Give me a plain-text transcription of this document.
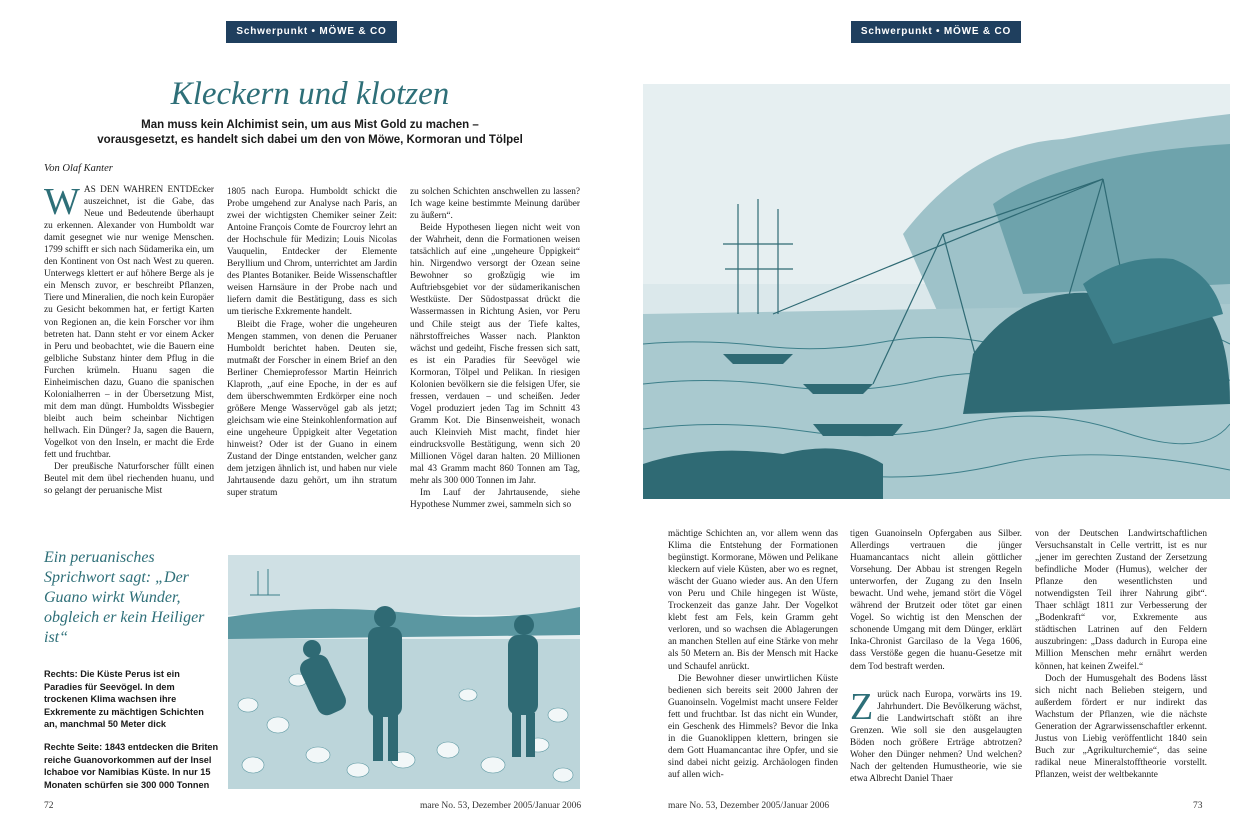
Schwerpunkt • MÖWE & CO
Kleckern und klotzen
Man muss kein Alchimist sein, um aus Mist Gold zu machen –
vorausgesetzt, es handelt sich dabei um den von Möwe, Kormoran und Tölpel
Von Olaf Kanter

WAS DEN WAHREN ENTDEcker auszeichnet, ist die Gabe, das Neue und Bedeutende überhaupt zu erkennen. Alexander von Humboldt war damit gesegnet wie nur wenige Menschen. 1799 schifft er sich nach Südamerika ein, um den Kontinent von Ost nach West zu queren. Unterwegs klettert er auf höhere Berge als je ein Mensch zuvor, er beschreibt Pflanzen, Tiere und Mineralien, die noch kein Europäer zu Gesicht bekommen hat, er fertigt Karten von Regionen an, die kein Forscher vor ihm betreten hat. Dann steht er vor einem Acker in Peru und beobachtet, wie die Bauern eine gelbliche Substanz hinter dem Pflug in die Furchen krümeln. Huanu sagen die Einheimischen dazu, Guano die spanischen Kolonialherren – in der Übersetzung Mist, mit dem man düngt. Humboldts Wissbegier bleibt auch beim scheinbar Nichtigen hellwach. Ein Dünger? Ja, sagen die Bauern, Vogelkot von den Inseln, er macht die Erde fett und fruchtbar.

Der preußische Naturforscher füllt einen Beutel mit dem übel riechenden huanu, und so gelangt der peruanische Mist

1805 nach Europa. Humboldt schickt die Probe umgehend zur Analyse nach Paris, an zwei der wichtigsten Chemiker seiner Zeit: Antoine François Comte de Fourcroy lehrt an der Hochschule für Medizin; Louis Nicolas Vauquelin, Entdecker der Elemente Beryllium und Chrom, unterrichtet am Jardin des Plantes Botaniker. Beide Wissenschaftler weisen Harnsäure in der Probe nach und liefern damit die Bestätigung, dass es sich um tierische Exkremente handelt.

Bleibt die Frage, woher die ungeheuren Mengen stammen, von denen die Peruaner Humboldt berichtet haben. Deuten sie, mutmaßt der Forscher in einem Brief an den Berliner Chemieprofessor Martin Heinrich Klaproth, „auf eine Epoche, in der es auf dem überschwemmten Erdkörper eine noch größere Menge Wasservögel gab als jetzt; gleichsam wie eine Steinkohlenformation auf eine ungeheure Üppigkeit alter Vegetation hinweist? Oder ist der Guano in einem Zustand der Dinge entstanden, welcher ganz dem jetzigen ähnlich ist, und haben nur viele Jahrtausende dazu gehört, um ihn stratum super stratum

zu solchen Schichten anschwellen zu lassen? Ich wage keine bestimmte Meinung darüber zu äußern“.

Beide Hypothesen liegen nicht weit von der Wahrheit, denn die Formationen weisen tatsächlich auf eine „ungeheure Üppigkeit“ hin. Nirgendwo versorgt der Ozean seine Bewohner so großzügig wie im Auftriebsgebiet vor der südamerikanischen Westküste. Der Südostpassat drückt die Wassermassen in Richtung Asien, vor Peru und Chile steigt aus der Tiefe kaltes, nährstoffreiches Wasser nach. Plankton wächst und gedeiht, Fische fressen sich satt, es ist ein Paradies für Seevögel wie Kormoran, Tölpel und Pelikan. In riesigen Kolonien bevölkern sie die felsigen Ufer, sie fressen, verdauen – und scheißen. Jeder Vogel produziert jeden Tag im Schnitt 43 Gramm Kot. Die Binsenweisheit, wonach auch Kleinvieh Mist macht, findet hier eindrucksvolle Bestätigung, wenn sich 20 Millionen Vögel daran halten. 20 Millionen mal 43 Gramm macht 860 Tonnen am Tag, mehr als 300 000 Tonnen im Jahr.

Im Lauf der Jahrtausende, siehe Hypothese Nummer zwei, sammeln sich so

Ein peruanisches Sprichwort sagt: „Der Guano wirkt Wunder, obgleich er kein Heiliger ist“
Rechts: Die Küste Perus ist ein Paradies für Seevögel. In dem trockenen Klima wachsen ihre Exkremente zu mächtigen Schichten an, manchmal 50 Meter dick
Rechte Seite: 1843 entdecken die Briten reiche Guanovorkommen auf der Insel Ichaboe vor Namibias Küste. In nur 15 Monaten schürfen sie 300 000 Tonnen
72	mare No. 53, Dezember 2005/Januar 2006
Schwerpunkt • MÖWE & CO

mächtige Schichten an, vor allem wenn das Klima die Entstehung der Formationen begünstigt. Kormorane, Möwen und Pelikane kleckern auf viele Küsten, aber wo es regnet, wäscht der Guano wieder aus. An den Ufern von Peru und Chile hingegen ist Wüste, Trockenzeit das ganze Jahr. Der Vogelkot klebt fest am Fels, kein Gramm geht verloren, und so wachsen die Ablagerungen an manchen Stellen auf eine Stärke von mehr als 50 Metern an. Bis der Mensch mit Hacke und Schaufel anrückt.

Die Bewohner dieser unwirtlichen Küste bedienen sich bereits seit 2000 Jahren der Guanoinseln. Vogelmist macht unsere Felder fett und fruchtbar. Ist das nicht ein Wunder, ein Geschenk des Himmels? Bevor die Inka in die Guanoklippen klettern, bringen sie dem Gott Huamancantac ihre Opfer, und sie sind dabei nicht geizig. Archäologen finden auf allen wich-

tigen Guanoinseln Opfergaben aus Silber. Allerdings vertrauen die jünger Huamancantacs nicht allein göttlicher Vorsehung. Der Abbau ist strengen Regeln unterworfen, der Zugang zu den Inseln bewacht. Und wehe, jemand stört die Vögel während der Brutzeit oder tötet gar einen Vogel. So wichtig ist den Menschen der schonende Umgang mit dem Dünger, erklärt Inka-Chronist Garcilaso de la Vega 1606, dass Verstöße gegen die huanu-Gesetze mit dem Tod bestraft werden.

Zurück nach Europa, vorwärts ins 19. Jahrhundert. Die Bevölkerung wächst, die Landwirtschaft stößt an ihre Grenzen. Wie soll sie den ausgelaugten Böden noch größere Erträge abtrotzen? Woher den Dünger nehmen? Und welchen? Nach der geltenden Humustheorie, wie sie etwa Albrecht Daniel Thaer

von der Deutschen Landwirtschaftlichen Versuchsanstalt in Celle vertritt, ist es nur „jener im gerechten Zustand der Zersetzung befindliche Moder (Humus), welcher der Pflanze den wesentlichsten und notwendigsten Teil ihrer Nahrung gibt“. Thaer schlägt 1811 zur Verbesserung der „Bodenkraft“ vor, Exkremente aus städtischen Latrinen auf den Feldern auszubringen: „Dass dadurch in Europa eine Million Menschen mehr ernährt werden können, hat keinen Zweifel.“

Doch der Humusgehalt des Bodens lässt sich nicht nach Belieben steigern, und außerdem fördert er nur indirekt das Wachstum der Pflanzen, wie die nächste Generation der Agrarwissenschaftler erkennt. Justus von Liebig veröffentlicht 1840 sein Buch zur „Agrikulturchemie“, das seine radikal neue Mineralstofftheorie vorstellt. Pflanzen, weist der weltbekannte

mare No. 53, Dezember 2005/Januar 2006	73
